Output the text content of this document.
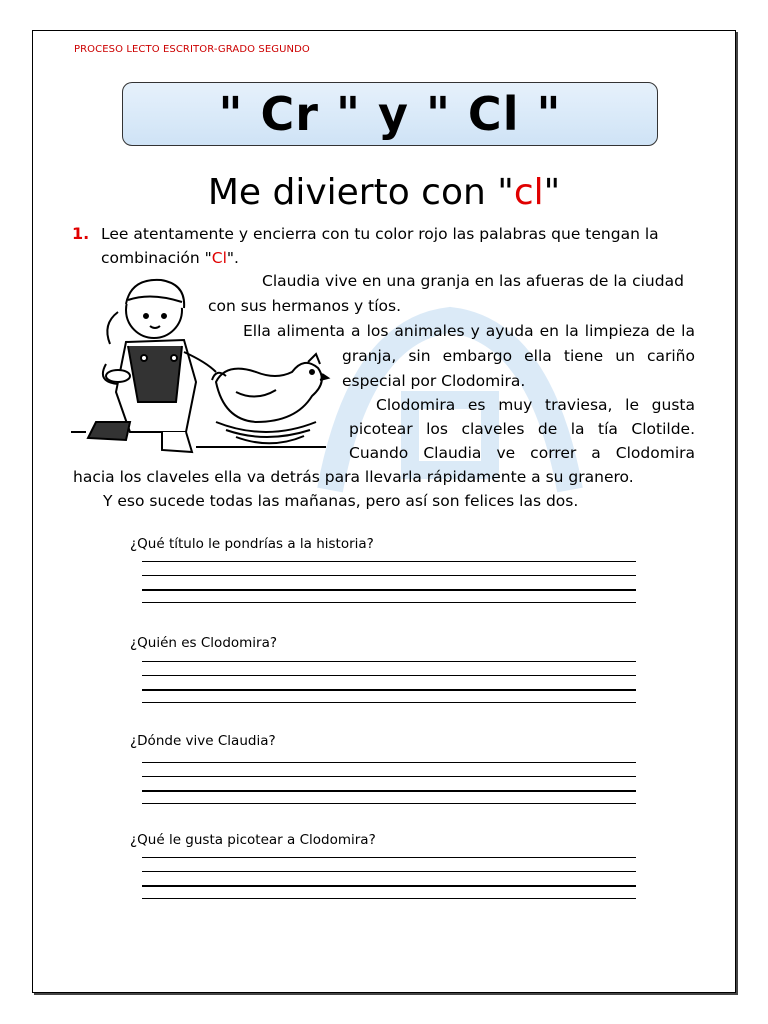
PROCESO LECTO ESCRITOR-GRADO SEGUNDO
" Cr " y " Cl "
Me divierto con "cl"
1. Lee atentamente y encierra con tu color rojo las palabras que tengan la
combinación "Cl".
Claudia vive en una granja en las afueras de la ciudad
con sus hermanos y tíos.
Ella alimenta a los animales y ayuda en la limpieza de la
granja, sin embargo ella tiene un cariño
especial por Clodomira.
Clodomira es muy traviesa, le gusta
picotear los claveles de la tía Clotilde.
Cuando Claudia ve correr a Clodomira
hacia los claveles ella va detrás para llevarla rápidamente a su granero.
Y eso sucede todas las mañanas, pero así son felices las dos.
¿Qué título le pondrías a la historia?
¿Quién es Clodomira?
¿Dónde vive Claudia?
¿Qué le gusta picotear a Clodomira?
